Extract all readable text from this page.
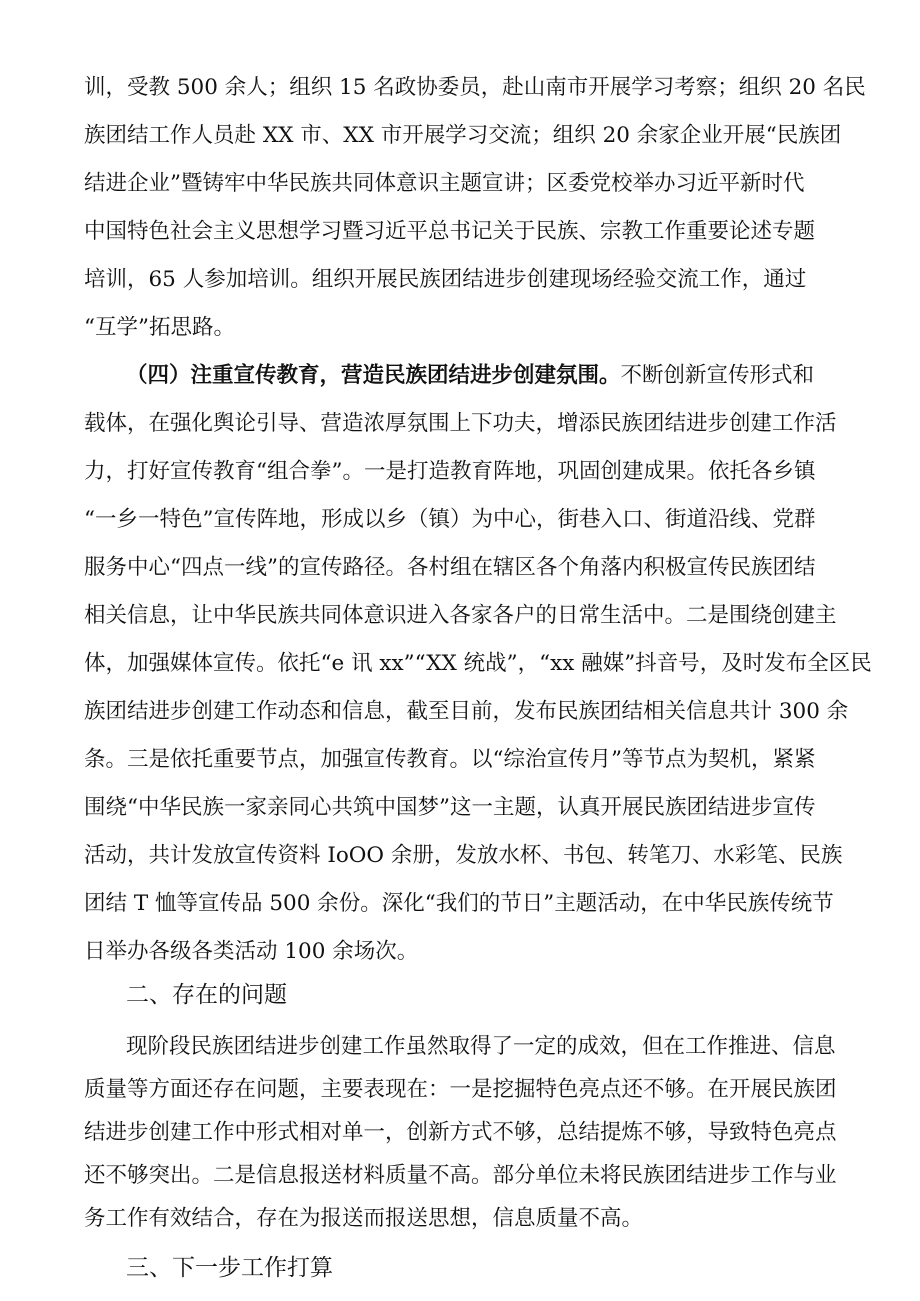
训，受教 500 余人；组织 15 名政协委员，赴山南市开展学习考察；组织 20 名民
族团结工作人员赴 XX 市、XX 市开展学习交流；组织 20 余家企业开展“民族团
结进企业”暨铸牢中华民族共同体意识主题宣讲；区委党校举办习近平新时代
中国特色社会主义思想学习暨习近平总书记关于民族、宗教工作重要论述专题
培训，65 人参加培训。组织开展民族团结进步创建现场经验交流工作，通过
“互学”拓思路。
（四）注重宣传教育，营造民族团结进步创建氛围。不断创新宣传形式和
载体，在强化舆论引导、营造浓厚氛围上下功夫，增添民族团结进步创建工作活
力，打好宣传教育“组合拳”。一是打造教育阵地，巩固创建成果。依托各乡镇
“一乡一特色”宣传阵地，形成以乡（镇）为中心，街巷入口、街道沿线、党群
服务中心“四点一线”的宣传路径。各村组在辖区各个角落内积极宣传民族团结
相关信息，让中华民族共同体意识进入各家各户的日常生活中。二是围绕创建主
体，加强媒体宣传。依托“e 讯 xx”“XX 统战”，“xx 融媒”抖音号，及时发布全区民
族团结进步创建工作动态和信息，截至目前，发布民族团结相关信息共计 300 余
条。三是依托重要节点，加强宣传教育。以“综治宣传月”等节点为契机，紧紧
围绕“中华民族一家亲同心共筑中国梦”这一主题，认真开展民族团结进步宣传
活动，共计发放宣传资料 IoOO 余册，发放水杯、书包、转笔刀、水彩笔、民族
团结 T 恤等宣传品 500 余份。深化“我们的节日”主题活动，在中华民族传统节
日举办各级各类活动 100 余场次。
二、存在的问题
现阶段民族团结进步创建工作虽然取得了一定的成效，但在工作推进、信息
质量等方面还存在问题，主要表现在：一是挖掘特色亮点还不够。在开展民族团
结进步创建工作中形式相对单一，创新方式不够，总结提炼不够，导致特色亮点
还不够突出。二是信息报送材料质量不高。部分单位未将民族团结进步工作与业
务工作有效结合，存在为报送而报送思想，信息质量不高。
三、下一步工作打算
